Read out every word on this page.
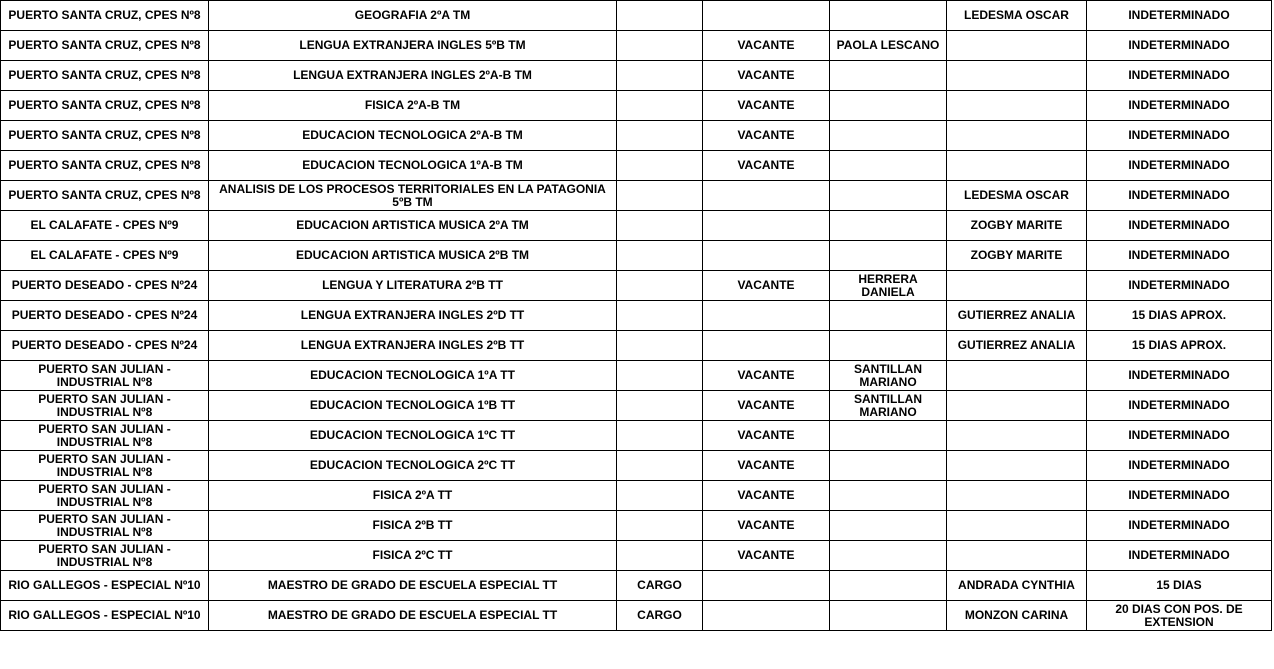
PUERTO SANTA CRUZ, CPES Nº8	GEOGRAFIA 2ºA TM				LEDESMA OSCAR	INDETERMINADO
PUERTO SANTA CRUZ, CPES Nº8	LENGUA EXTRANJERA INGLES 5ºB TM		VACANTE	PAOLA LESCANO		INDETERMINADO
PUERTO SANTA CRUZ, CPES Nº8	LENGUA EXTRANJERA INGLES 2ºA-B TM		VACANTE			INDETERMINADO
PUERTO SANTA CRUZ, CPES Nº8	FISICA 2ºA-B TM		VACANTE			INDETERMINADO
PUERTO SANTA CRUZ, CPES Nº8	EDUCACION TECNOLOGICA 2ºA-B TM		VACANTE			INDETERMINADO
PUERTO SANTA CRUZ, CPES Nº8	EDUCACION TECNOLOGICA 1ºA-B TM		VACANTE			INDETERMINADO
PUERTO SANTA CRUZ, CPES Nº8	ANALISIS DE LOS PROCESOS TERRITORIALES EN LA PATAGONIA 5ºB TM				LEDESMA OSCAR	INDETERMINADO
EL CALAFATE - CPES Nº9	EDUCACION ARTISTICA MUSICA 2ºA TM				ZOGBY MARITE	INDETERMINADO
EL CALAFATE - CPES Nº9	EDUCACION ARTISTICA MUSICA 2ºB TM				ZOGBY MARITE	INDETERMINADO
PUERTO DESEADO - CPES Nº24	LENGUA Y LITERATURA 2ºB TT		VACANTE	HERRERA DANIELA		INDETERMINADO
PUERTO DESEADO - CPES Nº24	LENGUA EXTRANJERA INGLES 2ºD TT				GUTIERREZ ANALIA	15 DIAS APROX.
PUERTO DESEADO - CPES Nº24	LENGUA EXTRANJERA INGLES 2ºB TT				GUTIERREZ ANALIA	15 DIAS APROX.
PUERTO SAN JULIAN - INDUSTRIAL Nº8	EDUCACION TECNOLOGICA 1ºA TT		VACANTE	SANTILLAN MARIANO		INDETERMINADO
PUERTO SAN JULIAN - INDUSTRIAL Nº8	EDUCACION TECNOLOGICA 1ºB TT		VACANTE	SANTILLAN MARIANO		INDETERMINADO
PUERTO SAN JULIAN - INDUSTRIAL Nº8	EDUCACION TECNOLOGICA 1ºC TT		VACANTE			INDETERMINADO
PUERTO SAN JULIAN - INDUSTRIAL Nº8	EDUCACION TECNOLOGICA 2ºC TT		VACANTE			INDETERMINADO
PUERTO SAN JULIAN - INDUSTRIAL Nº8	FISICA 2ºA TT		VACANTE			INDETERMINADO
PUERTO SAN JULIAN - INDUSTRIAL Nº8	FISICA 2ºB TT		VACANTE			INDETERMINADO
PUERTO SAN JULIAN - INDUSTRIAL Nº8	FISICA 2ºC TT		VACANTE			INDETERMINADO
RIO GALLEGOS - ESPECIAL Nº10	MAESTRO DE GRADO DE ESCUELA ESPECIAL TT	CARGO			ANDRADA CYNTHIA	15 DIAS
RIO GALLEGOS - ESPECIAL Nº10	MAESTRO DE GRADO DE ESCUELA ESPECIAL TT	CARGO			MONZON CARINA	20 DIAS CON POS. DE EXTENSION
